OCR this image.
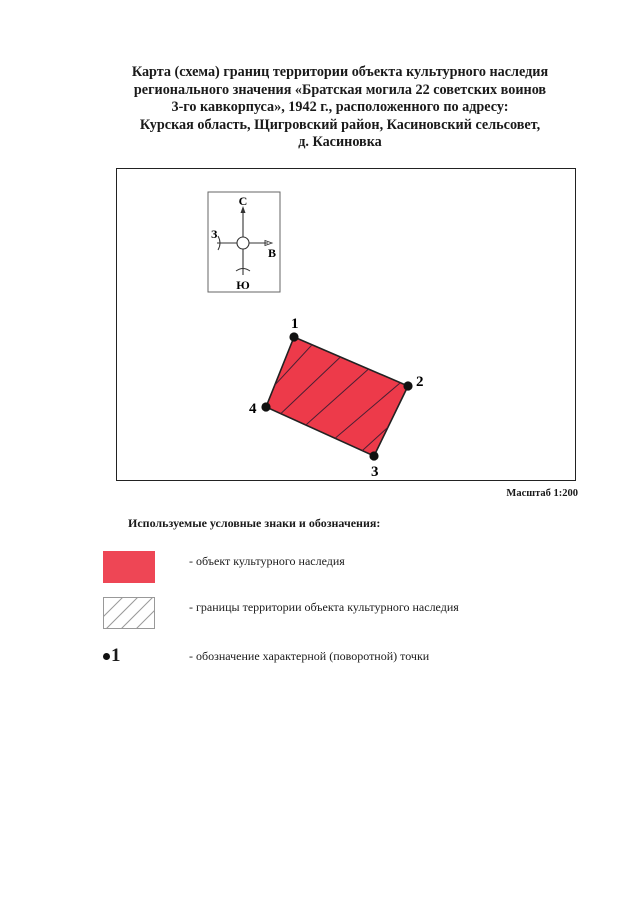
Карта (схема) границ территории объекта культурного наследия
регионального значения «Братская могила 22 советских воинов
3-го кавкорпуса», 1942 г., расположенного по адресу:
Курская область, Щигровский район, Касиновский сельсовет,
д. Касиновка
С
Ю
В
З
1
2
3
4
Масштаб 1:200
Используемые условные знаки и обозначения:
- объект культурного наследия
- границы территории объекта культурного наследия
1	- обозначение характерной (поворотной) точки
